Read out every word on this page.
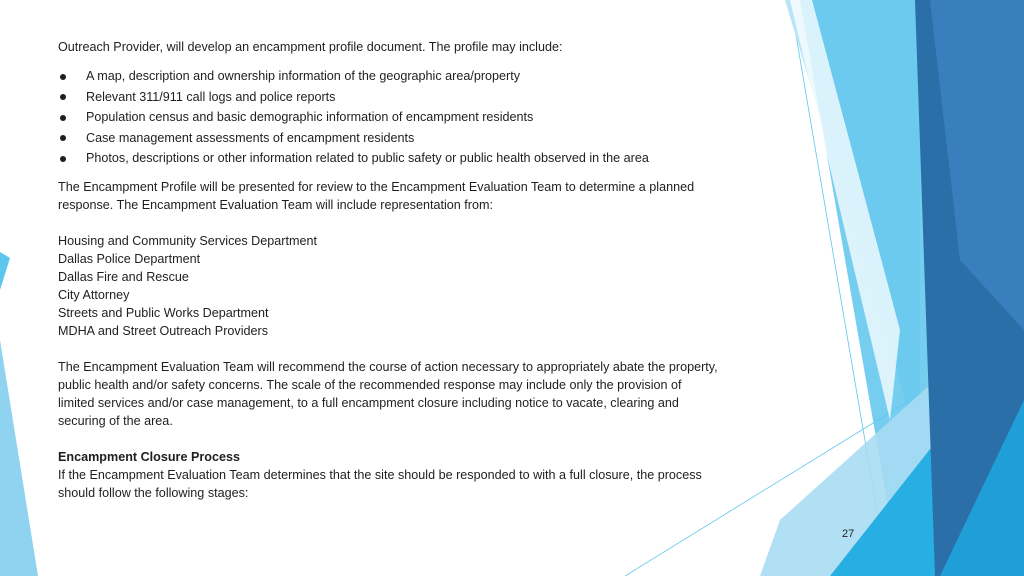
Outreach Provider, will develop an encampment profile document. The profile may include:

A map, description and ownership information of the geographic area/property
Relevant 311/911 call logs and police reports
Population census and basic demographic information of encampment residents
Case management assessments of encampment residents
Photos, descriptions or other information related to public safety or public health observed in the area
The Encampment Profile will be presented for review to the Encampment Evaluation Team to determine a planned
response. The Encampment Evaluation Team will include representation from:
Housing and Community Services Department
Dallas Police Department
Dallas Fire and Rescue
City Attorney
Streets and Public Works Department
MDHA and Street Outreach Providers
The Encampment Evaluation Team will recommend the course of action necessary to appropriately abate the property,
public health and/or safety concerns. The scale of the recommended response may include only the provision of
limited services and/or case management, to a full encampment closure including notice to vacate, clearing and
securing of the area.
Encampment Closure Process
If the Encampment Evaluation Team determines that the site should be responded to with a full closure, the process
should follow the following stages:
27
